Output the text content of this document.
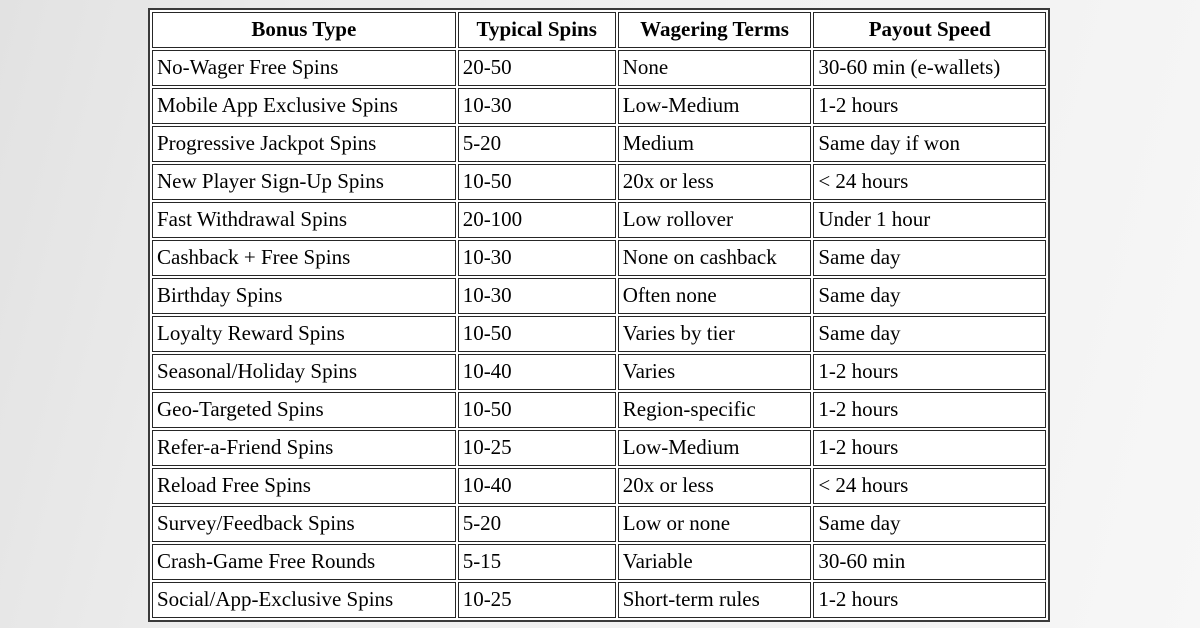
Bonus Type	Typical Spins	Wagering Terms	Payout Speed
No-Wager Free Spins	20-50	None	30-60 min (e-wallets)
Mobile App Exclusive Spins	10-30	Low-Medium	1-2 hours
Progressive Jackpot Spins	5-20	Medium	Same day if won
New Player Sign-Up Spins	10-50	20x or less	< 24 hours
Fast Withdrawal Spins	20-100	Low rollover	Under 1 hour
Cashback + Free Spins	10-30	None on cashback	Same day
Birthday Spins	10-30	Often none	Same day
Loyalty Reward Spins	10-50	Varies by tier	Same day
Seasonal/Holiday Spins	10-40	Varies	1-2 hours
Geo-Targeted Spins	10-50	Region-specific	1-2 hours
Refer-a-Friend Spins	10-25	Low-Medium	1-2 hours
Reload Free Spins	10-40	20x or less	< 24 hours
Survey/Feedback Spins	5-20	Low or none	Same day
Crash-Game Free Rounds	5-15	Variable	30-60 min
Social/App-Exclusive Spins	10-25	Short-term rules	1-2 hours
